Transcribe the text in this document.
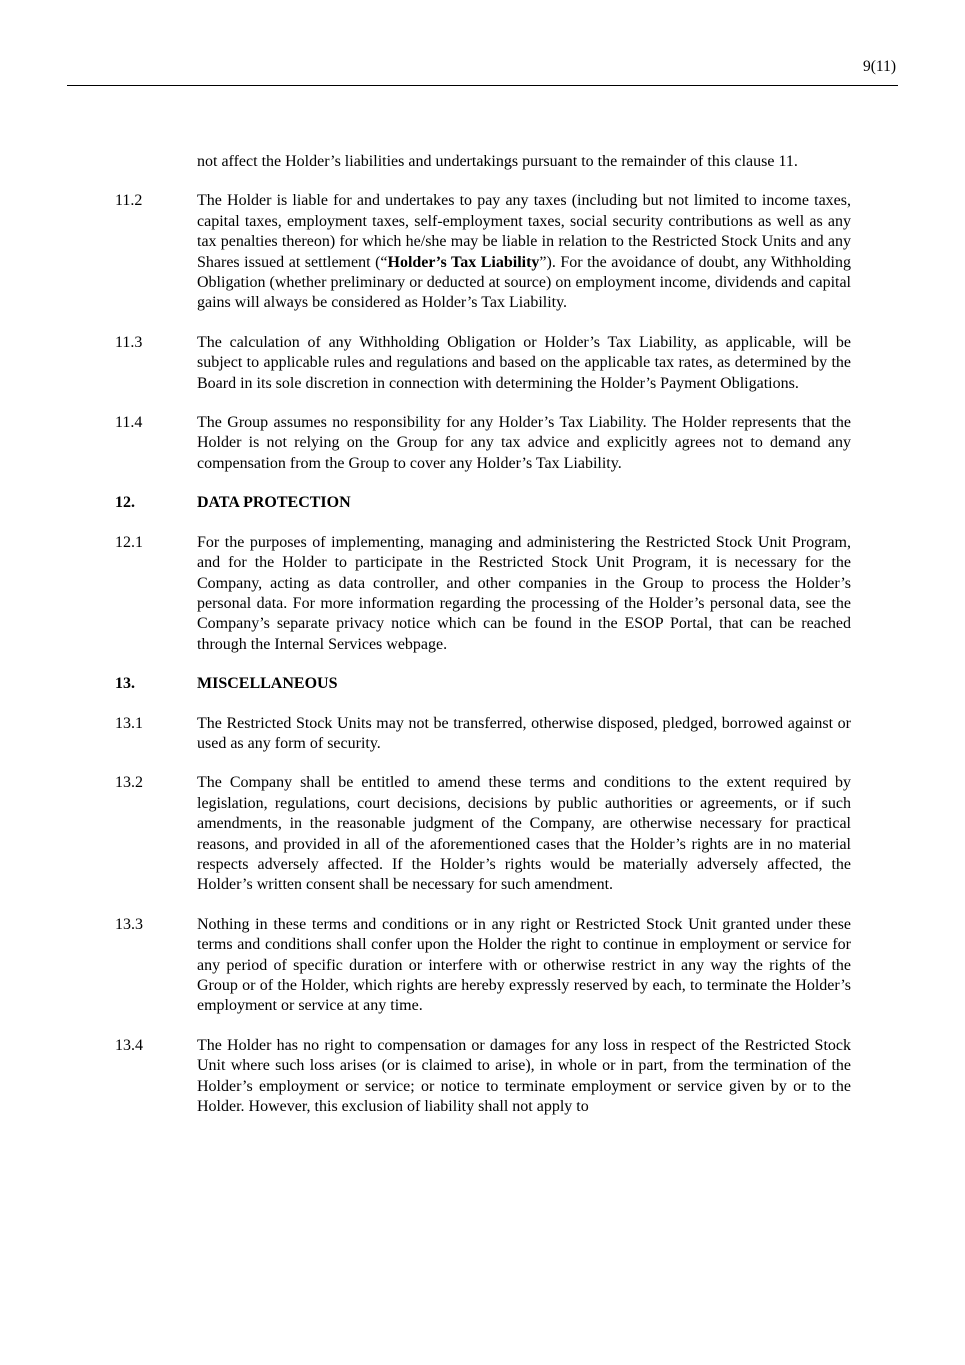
9(11)
not affect the Holder’s liabilities and undertakings pursuant to the remainder of this clause 11.
11.2	The Holder is liable for and undertakes to pay any taxes (including but not limited to income taxes, capital taxes, employment taxes, self-employment taxes, social security contributions as well as any tax penalties thereon) for which he/she may be liable in relation to the Restricted Stock Units and any Shares issued at settlement (“Holder’s Tax Liability”). For the avoidance of doubt, any Withholding Obligation (whether preliminary or deducted at source) on employment income, dividends and capital gains will always be considered as Holder’s Tax Liability.
11.3	The calculation of any Withholding Obligation or Holder’s Tax Liability, as applicable, will be subject to applicable rules and regulations and based on the applicable tax rates, as determined by the Board in its sole discretion in connection with determining the Holder’s Payment Obligations.
11.4	The Group assumes no responsibility for any Holder’s Tax Liability. The Holder represents that the Holder is not relying on the Group for any tax advice and explicitly agrees not to demand any compensation from the Group to cover any Holder’s Tax Liability.
12.	DATA PROTECTION
12.1	For the purposes of implementing, managing and administering the Restricted Stock Unit Program, and for the Holder to participate in the Restricted Stock Unit Program, it is necessary for the Company, acting as data controller, and other companies in the Group to process the Holder’s personal data. For more information regarding the processing of the Holder’s personal data, see the Company’s separate privacy notice which can be found in the ESOP Portal, that can be reached through the Internal Services webpage.
13.	MISCELLANEOUS
13.1	The Restricted Stock Units may not be transferred, otherwise disposed, pledged, borrowed against or used as any form of security.
13.2	The Company shall be entitled to amend these terms and conditions to the extent required by legislation, regulations, court decisions, decisions by public authorities or agreements, or if such amendments, in the reasonable judgment of the Company, are otherwise necessary for practical reasons, and provided in all of the aforementioned cases that the Holder’s rights are in no material respects adversely affected. If the Holder’s rights would be materially adversely affected, the Holder’s written consent shall be necessary for such amendment.
13.3	Nothing in these terms and conditions or in any right or Restricted Stock Unit granted under these terms and conditions shall confer upon the Holder the right to continue in employment or service for any period of specific duration or interfere with or otherwise restrict in any way the rights of the Group or of the Holder, which rights are hereby expressly reserved by each, to terminate the Holder’s employment or service at any time.
13.4	The Holder has no right to compensation or damages for any loss in respect of the Restricted Stock Unit where such loss arises (or is claimed to arise), in whole or in part, from the termination of the Holder’s employment or service; or notice to terminate employment or service given by or to the Holder. However, this exclusion of liability shall not apply to
